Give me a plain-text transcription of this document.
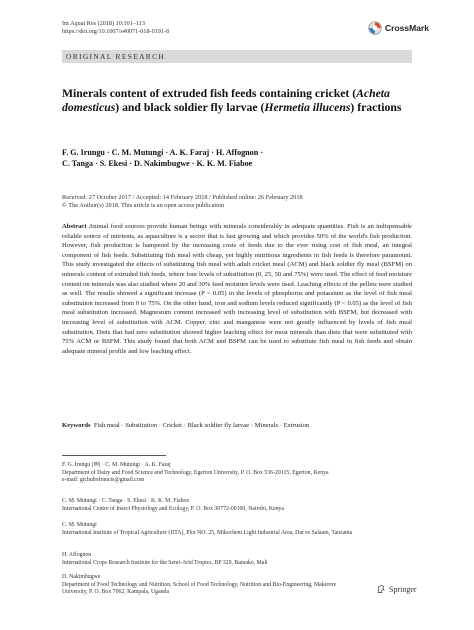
Int Aquat Res (2018) 10:101–113
https://doi.org/10.1007/s40071-018-0191-8	CrossMark
ORIGINAL RESEARCH
Minerals content of extruded fish feeds containing cricket (Acheta domesticus) and black soldier fly larvae (Hermetia illucens) fractions
F. G. Irungu · C. M. Mutungi · A. K. Faraj · H. Affognon ·
C. Tanga · S. Ekesi · D. Nakimbugwe · K. K. M. Fiaboe
Received: 27 October 2017 / Accepted: 14 February 2018 / Published online: 26 February 2018
© The Author(s) 2018. This article is an open access publication

Abstract Animal food sources provide human beings with minerals considerably in adequate quantities. Fish is an indispensable reliable source of nutrients, as aquaculture is a sector that is fast growing and which provides 50% of the world's fish production. However, fish production is hampered by the increasing costs of feeds due to the ever rising cost of fish meal, an integral component of fish feeds. Substituting fish meal with cheap, yet highly nutritious ingredients in fish feeds is therefore paramount. This study investigated the effects of substituting fish meal with adult cricket meal (ACM) and black soldier fly meal (BSFM) on minerals content of extruded fish feeds, where four levels of substitution (0, 25, 50 and 75%) were used. The effect of feed moisture content on minerals was also studied where 20 and 30% feed moisture levels were used. Leaching effects of the pellets were studied as well. The results showed a significant increase (P < 0.05) in the levels of phosphorus and potassium as the level of fish meal substitution increased from 0 to 75%. On the other hand, iron and sodium levels reduced significantly (P < 0.05) as the level of fish meal substitution increased. Magnesium content increased with increasing level of substitution with BSFM, but decreased with increasing level of substitution with ACM. Copper, zinc and manganese were not greatly influenced by levels of fish meal substitution. Diets that had zero substitution showed higher leaching effect for most minerals than diets that were substituted with 75% ACM or BSFM. This study found that both ACM and BSFM can be used to substitute fish meal in fish feeds and obtain adequate mineral profile and low leaching effect.

Keywords Fish meal · Substitution · Cricket · Black soldier fly larvae · Minerals · Extrusion
F. G. Irungu (✉) · C. M. Mutungi · A. K. Faraj
Department of Dairy and Food Science and Technology, Egerton University, P. O. Box 536-20115, Egerton, Kenya
e-mail: gichuhofrancis@gmail.com
C. M. Mutungi · C. Tanga · S. Ekesi · K. K. M. Fiaboe
International Centre of Insect Physiology and Ecology, P. O. Box 30772-00100, Nairobi, Kenya
C. M. Mutungi
International Institute of Tropical Agriculture (IITA), Plot NO. 25, Mikocheni Light Industrial Area, Dar es Salaam, Tanzania
H. Affognon
International Crops Research Institute for the Semi-Arid Tropics, BP 320, Bamako, Mali
D. Nakimbugwe
Department of Food Technology and Nutrition, School of Food Technology, Nutrition and Bio-Engineering, Makerere University, P. O. Box 7062, Kampala, Uganda	Springer
